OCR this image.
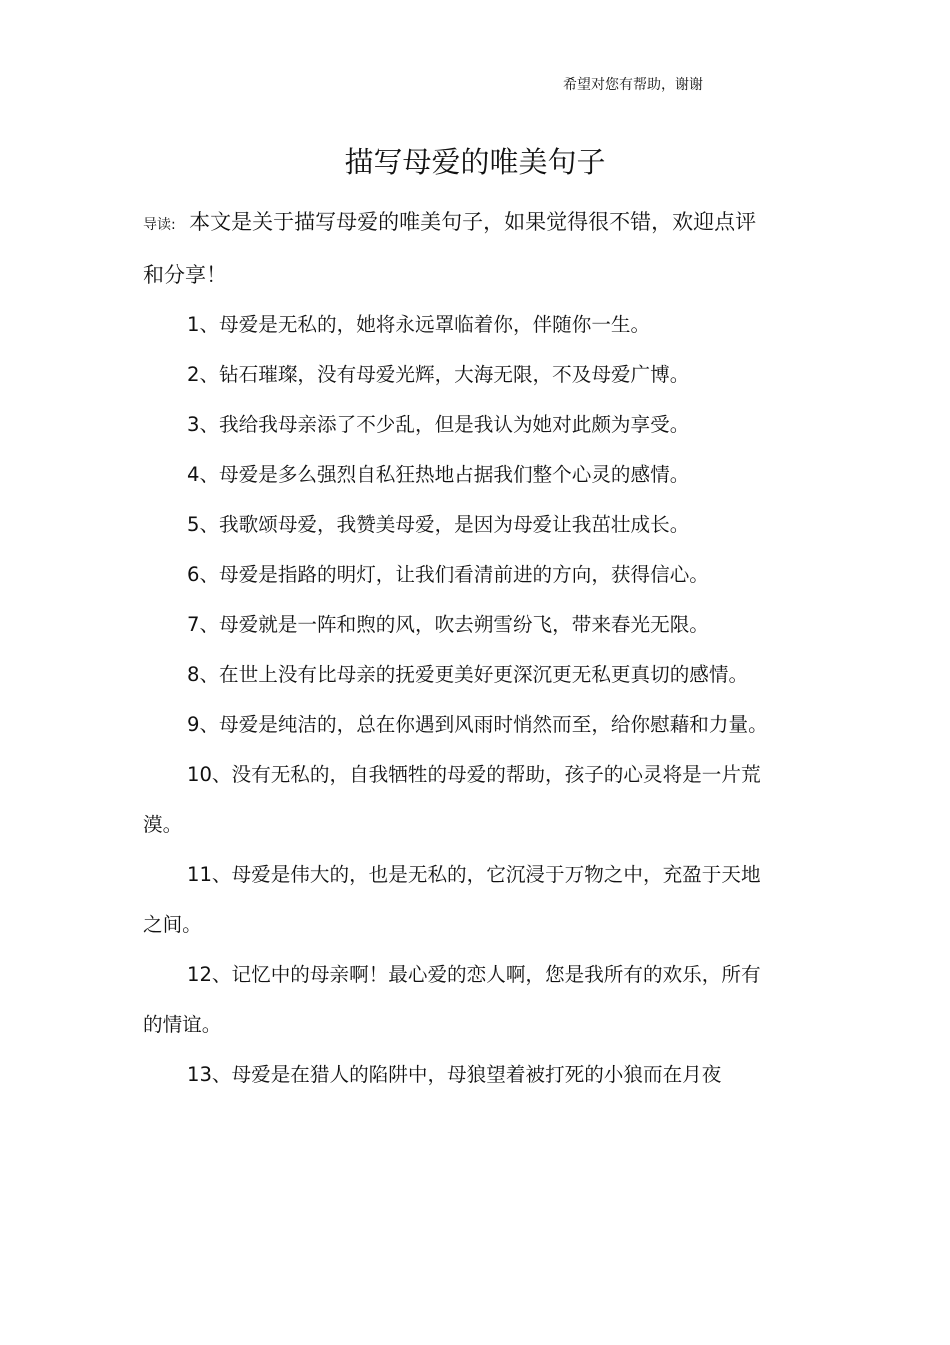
希望对您有帮助，谢谢
描写母爱的唯美句子

导读: 本文是关于描写母爱的唯美句子，如果觉得很不错，欢迎点评和分享！

1、母爱是无私的，她将永远罩临着你，伴随你一生。

2、钻石璀璨，没有母爱光辉，大海无限，不及母爱广博。

3、我给我母亲添了不少乱，但是我认为她对此颇为享受。

4、母爱是多么强烈自私狂热地占据我们整个心灵的感情。

5、我歌颂母爱，我赞美母爱，是因为母爱让我茁壮成长。

6、母爱是指路的明灯，让我们看清前进的方向，获得信心。

7、母爱就是一阵和煦的风，吹去朔雪纷飞，带来春光无限。

8、在世上没有比母亲的抚爱更美好更深沉更无私更真切的感情。

9、母爱是纯洁的，总在你遇到风雨时悄然而至，给你慰藉和力量。

10、没有无私的，自我牺牲的母爱的帮助，孩子的心灵将是一片荒漠。

11、母爱是伟大的，也是无私的，它沉浸于万物之中，充盈于天地之间。

12、记忆中的母亲啊！最心爱的恋人啊，您是我所有的欢乐，所有的情谊。

13、母爱是在猎人的陷阱中，母狼望着被打死的小狼而在月夜
